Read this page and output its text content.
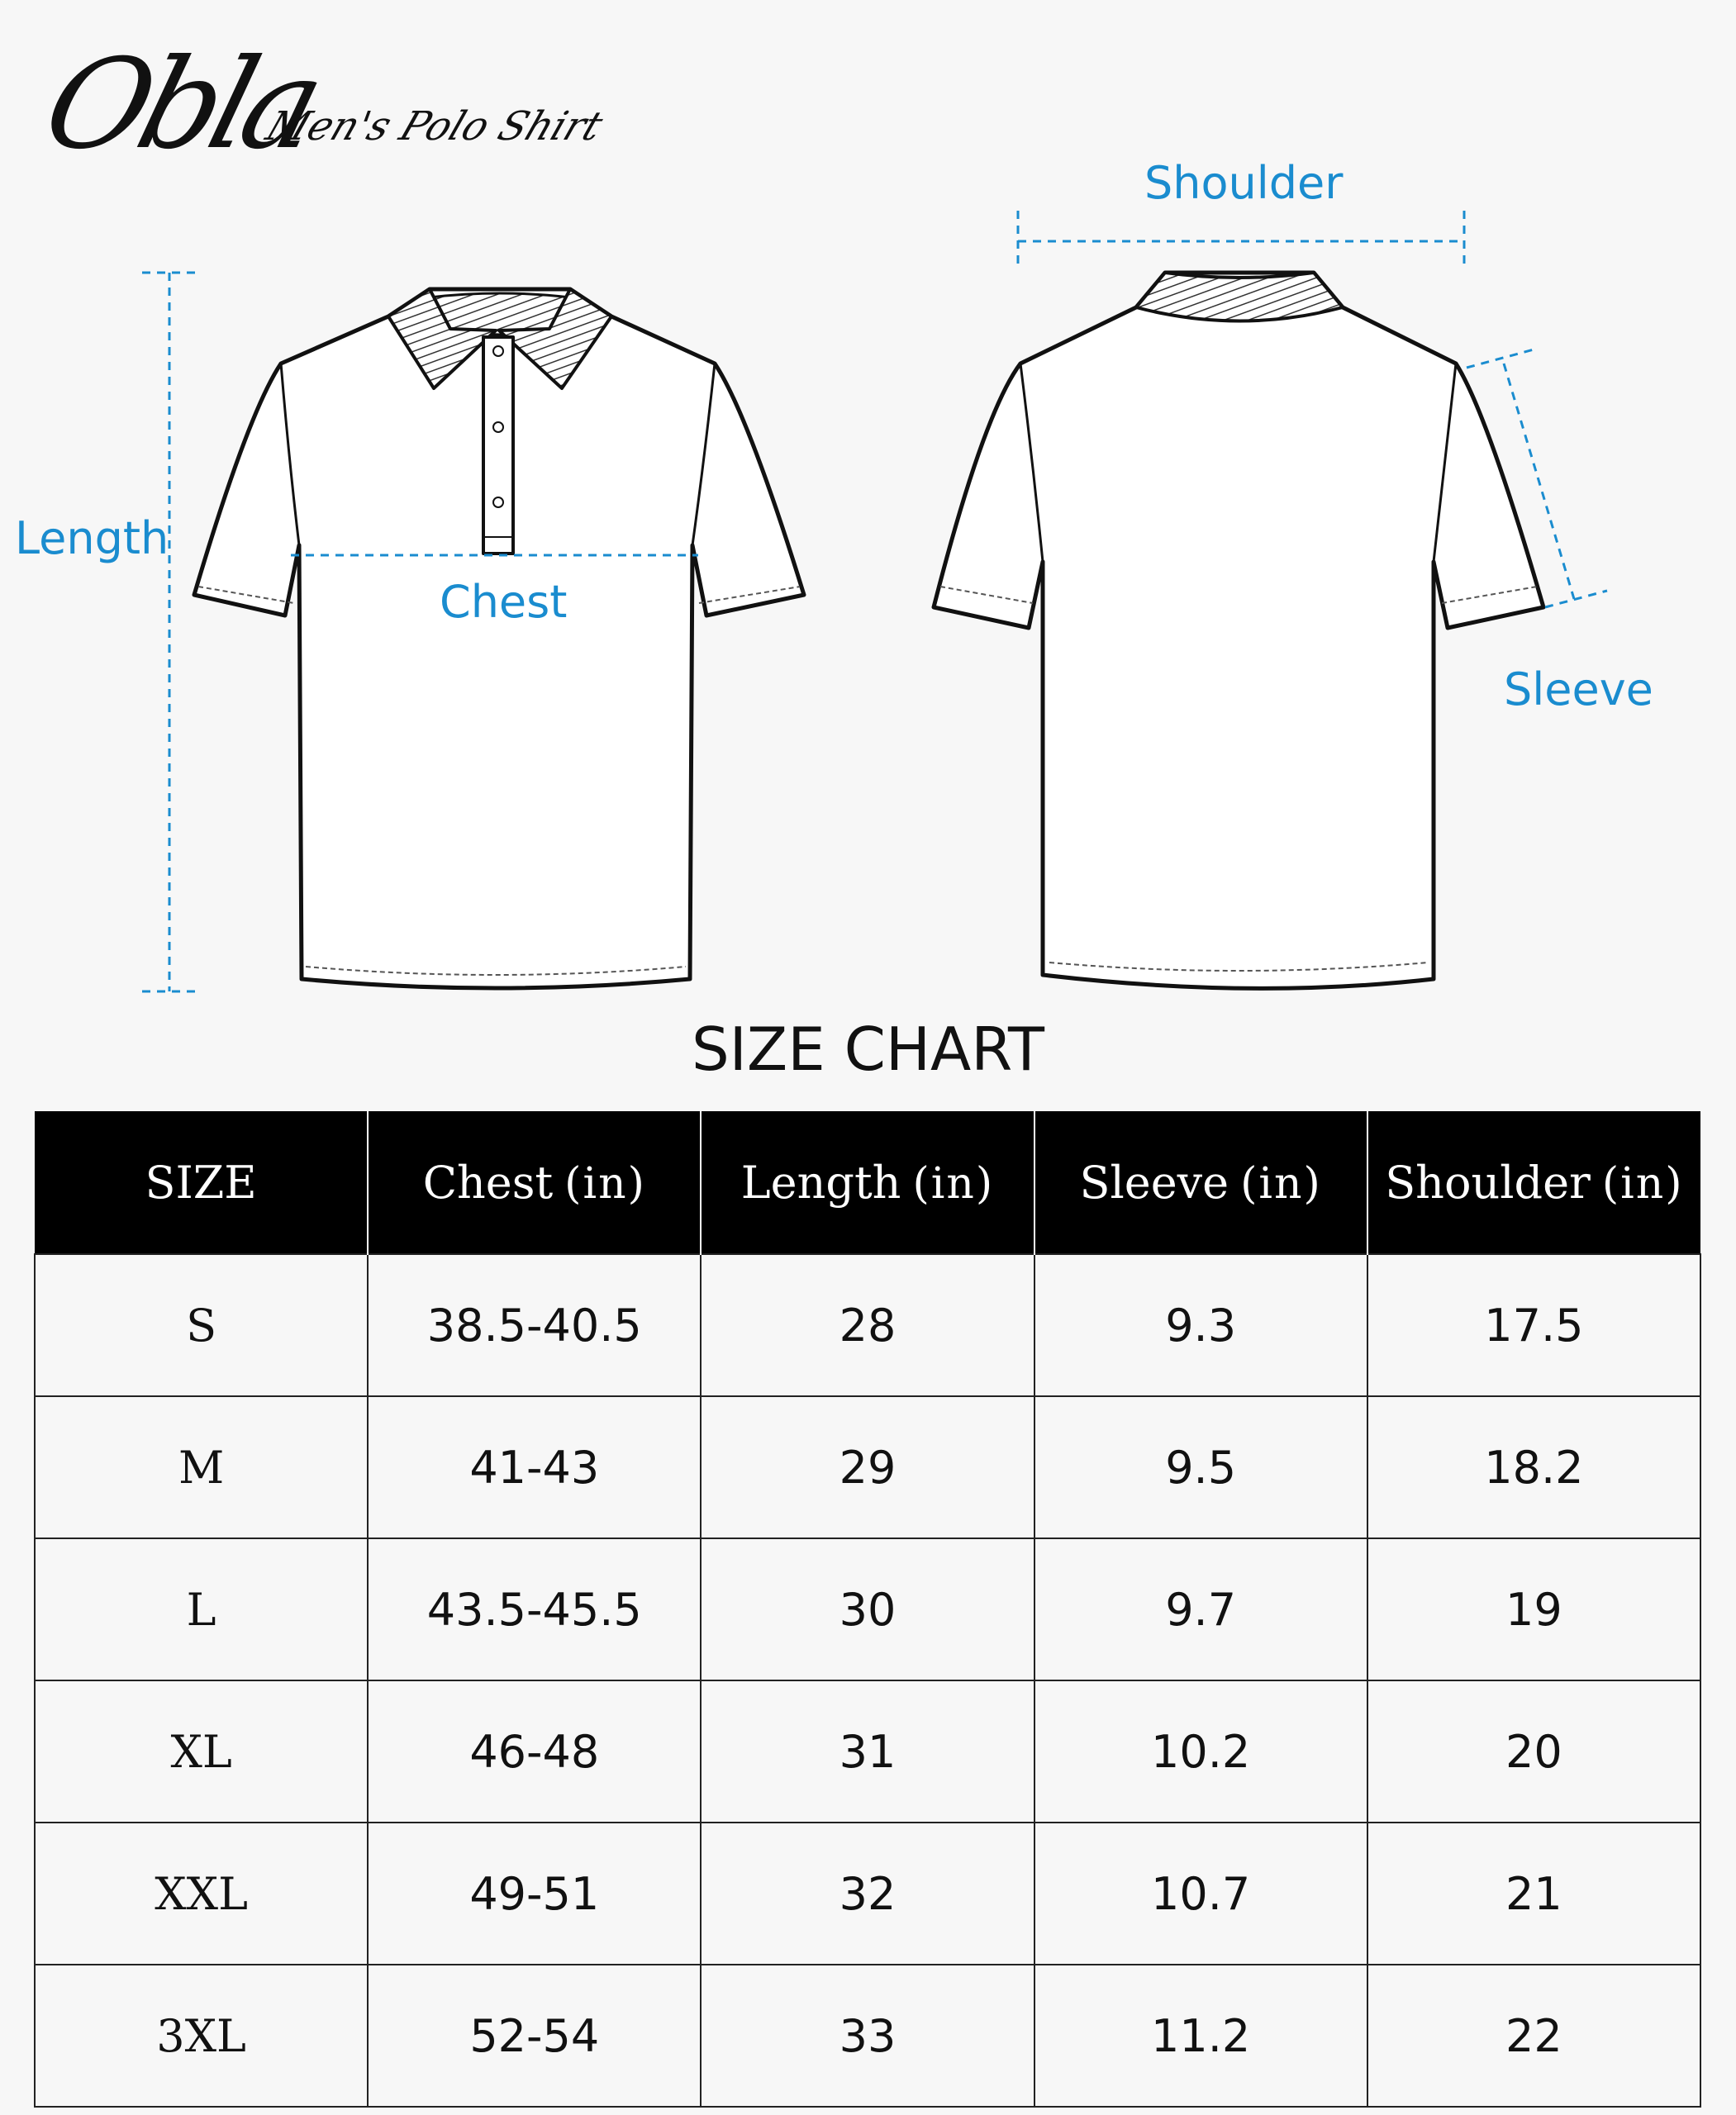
Obla
Men's Polo Shirt
Length
Chest
Shoulder
Sleeve
SIZE CHART
SIZE	Chest (in)	Length (in)	Sleeve (in)	Shoulder (in)
S	38.5-40.5	28	9.3	17.5
M	41-43	29	9.5	18.2
L	43.5-45.5	30	9.7	19
XL	46-48	31	10.2	20
XXL	49-51	32	10.7	21
3XL	52-54	33	11.2	22
